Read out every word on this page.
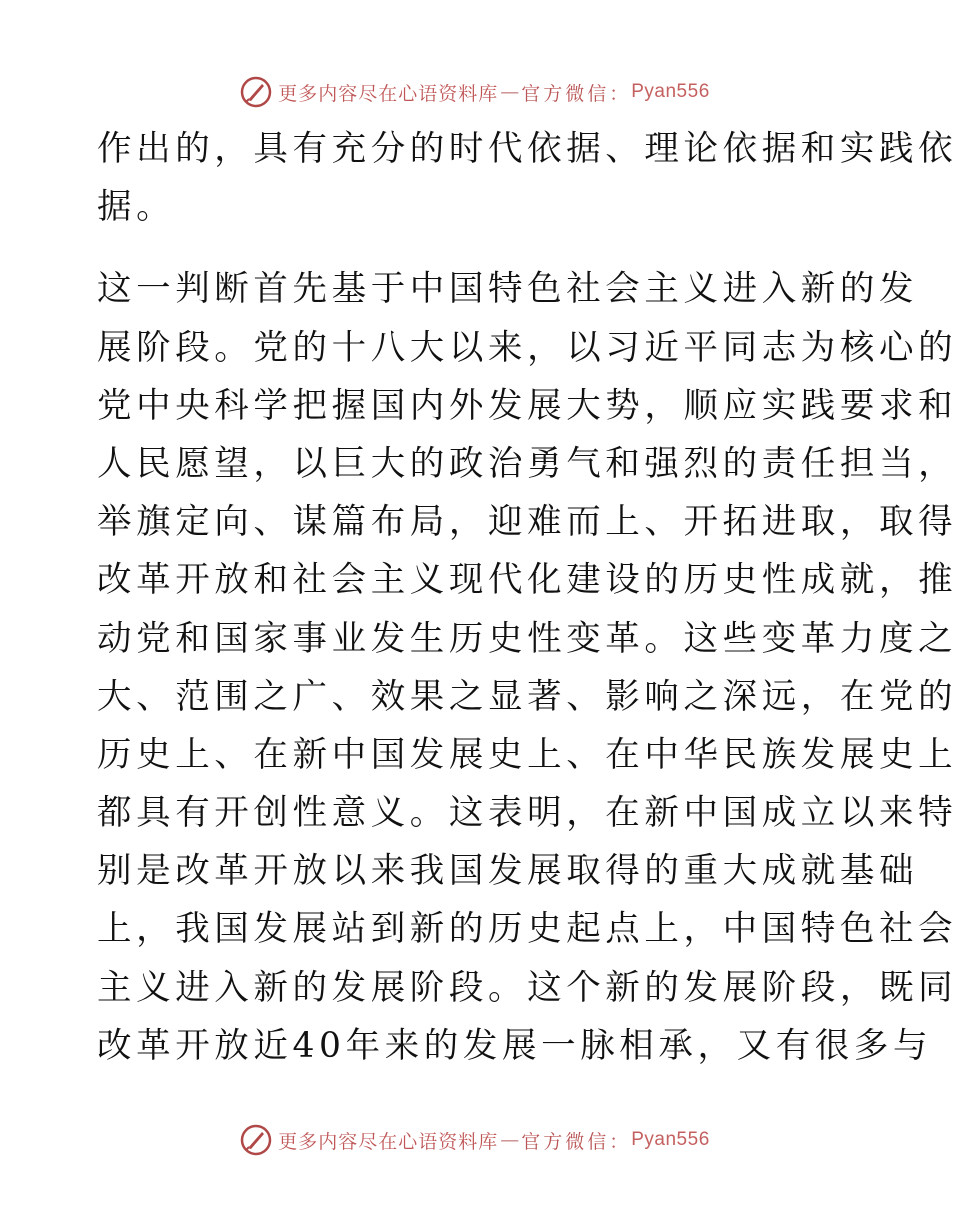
更多内容尽在心语资料库 — 官方微信： Pyan556
作出的，具有充分的时代依据、理论依据和实践依
据。
这一判断首先基于中国特色社会主义进入新的发
展阶段。党的十八大以来，以习近平同志为核心的
党中央科学把握国内外发展大势，顺应实践要求和
人民愿望，以巨大的政治勇气和强烈的责任担当，
举旗定向、谋篇布局，迎难而上、开拓进取，取得
改革开放和社会主义现代化建设的历史性成就，推
动党和国家事业发生历史性变革。这些变革力度之
大、范围之广、效果之显著、影响之深远，在党的
历史上、在新中国发展史上、在中华民族发展史上
都具有开创性意义。这表明，在新中国成立以来特
别是改革开放以来我国发展取得的重大成就基础
上，我国发展站到新的历史起点上，中国特色社会
主义进入新的发展阶段。这个新的发展阶段，既同
改革开放近40年来的发展一脉相承，又有很多与
更多内容尽在心语资料库 — 官方微信： Pyan556
